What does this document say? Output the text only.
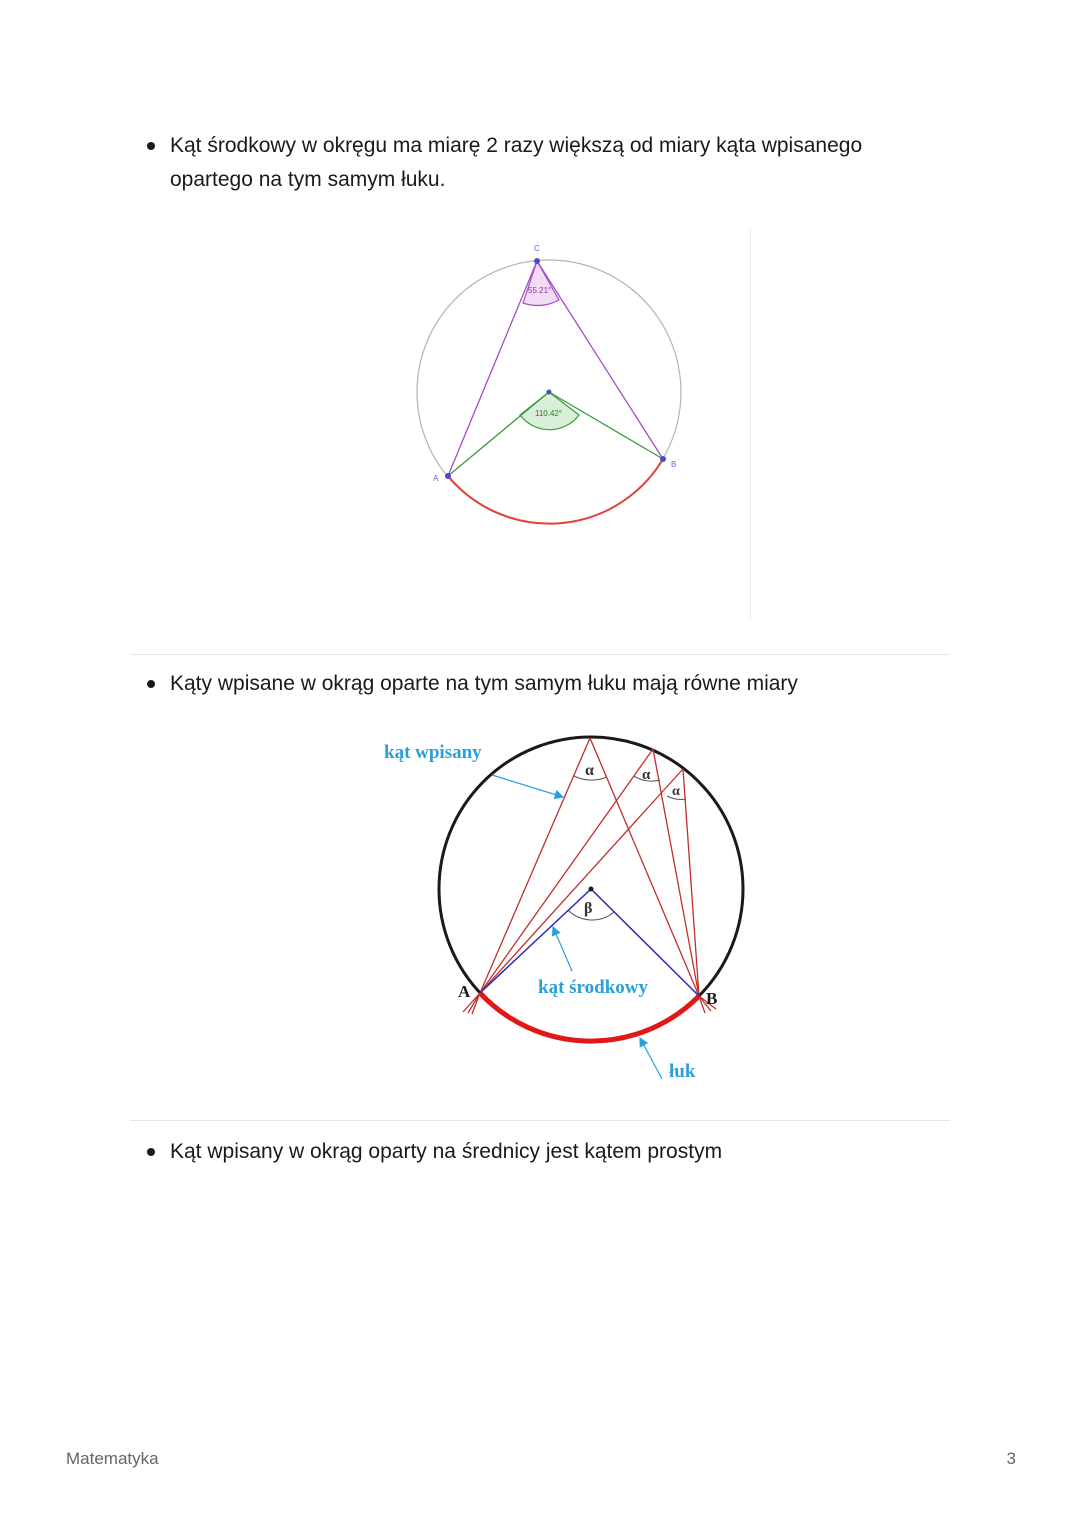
Kąt środkowy w okręgu ma miarę 2 razy większą od miary kąta wpisanego opartego na tym samym łuku.
A
B
C
55.21°
110.42°
Kąty wpisane w okrąg oparte na tym samym łuku mają równe miary
kąt wpisany
kąt środkowy
łuk
A	B
α	α
α
β
Kąt wpisany w okrąg oparty na średnicy jest kątem prostym
Matematyka	3
